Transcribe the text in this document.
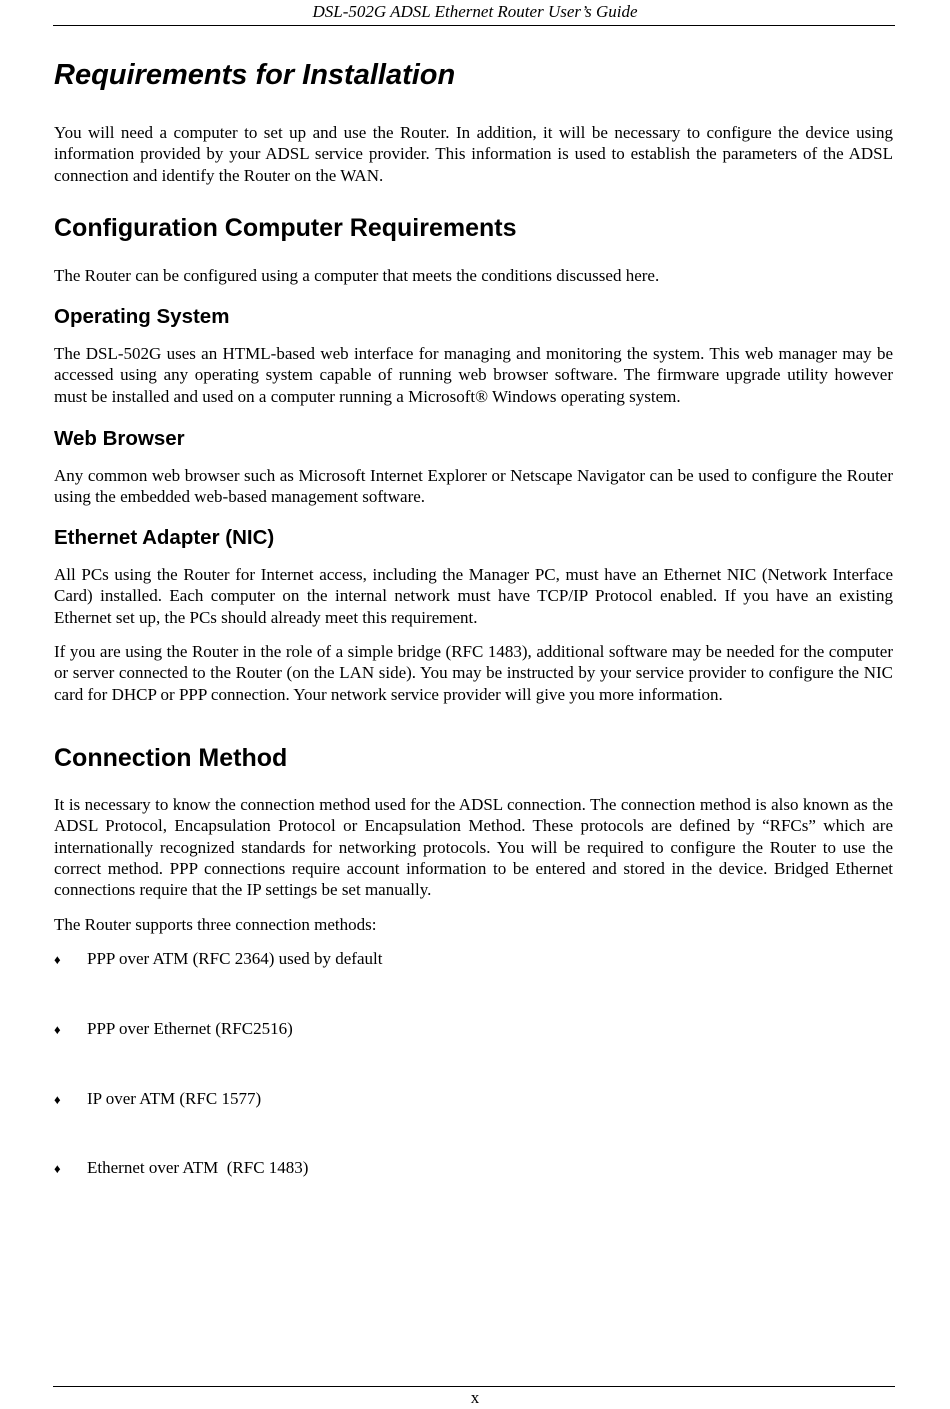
DSL-502G ADSL Ethernet Router User’s Guide
Requirements for Installation

You will need a computer to set up and use the Router. In addition, it will be necessary to configure the device using information provided by your ADSL service provider. This information is used to establish the parameters of the ADSL connection and identify the Router on the WAN.

Configuration Computer Requirements

The Router can be configured using a computer that meets the conditions discussed here.

Operating System

The DSL-502G uses an HTML-based web interface for managing and monitoring the system. This web manager may be accessed using any operating system capable of running web browser software. The firmware upgrade utility however must be installed and used on a computer running a Microsoft® Windows operating system.

Web Browser

Any common web browser such as Microsoft Internet Explorer or Netscape Navigator can be used to configure the Router using the embedded web-based management software.

Ethernet Adapter (NIC)

All PCs using the Router for Internet access, including the Manager PC, must have an Ethernet NIC (Network Interface Card) installed. Each computer on the internal network must have TCP/IP Protocol enabled. If you have an existing Ethernet set up, the PCs should already meet this requirement.

If you are using the Router in the role of a simple bridge (RFC 1483), additional software may be needed for the computer or server connected to the Router (on the LAN side). You may be instructed by your service provider to configure the NIC card for DHCP or PPP connection. Your network service provider will give you more information.

Connection Method

It is necessary to know the connection method used for the ADSL connection. The connection method is also known as the ADSL Protocol, Encapsulation Protocol or Encapsulation Method. These protocols are defined by “RFCs” which are internationally recognized standards for networking protocols. You will be required to configure the Router to use the correct method. PPP connections require account information to be entered and stored in the device. Bridged Ethernet connections require that the IP settings be set manually.

The Router supports three connection methods:

♦ PPP over ATM (RFC 2364) used by default
♦ PPP over Ethernet (RFC2516)
♦ IP over ATM (RFC 1577)
♦ Ethernet over ATM  (RFC 1483)
x
